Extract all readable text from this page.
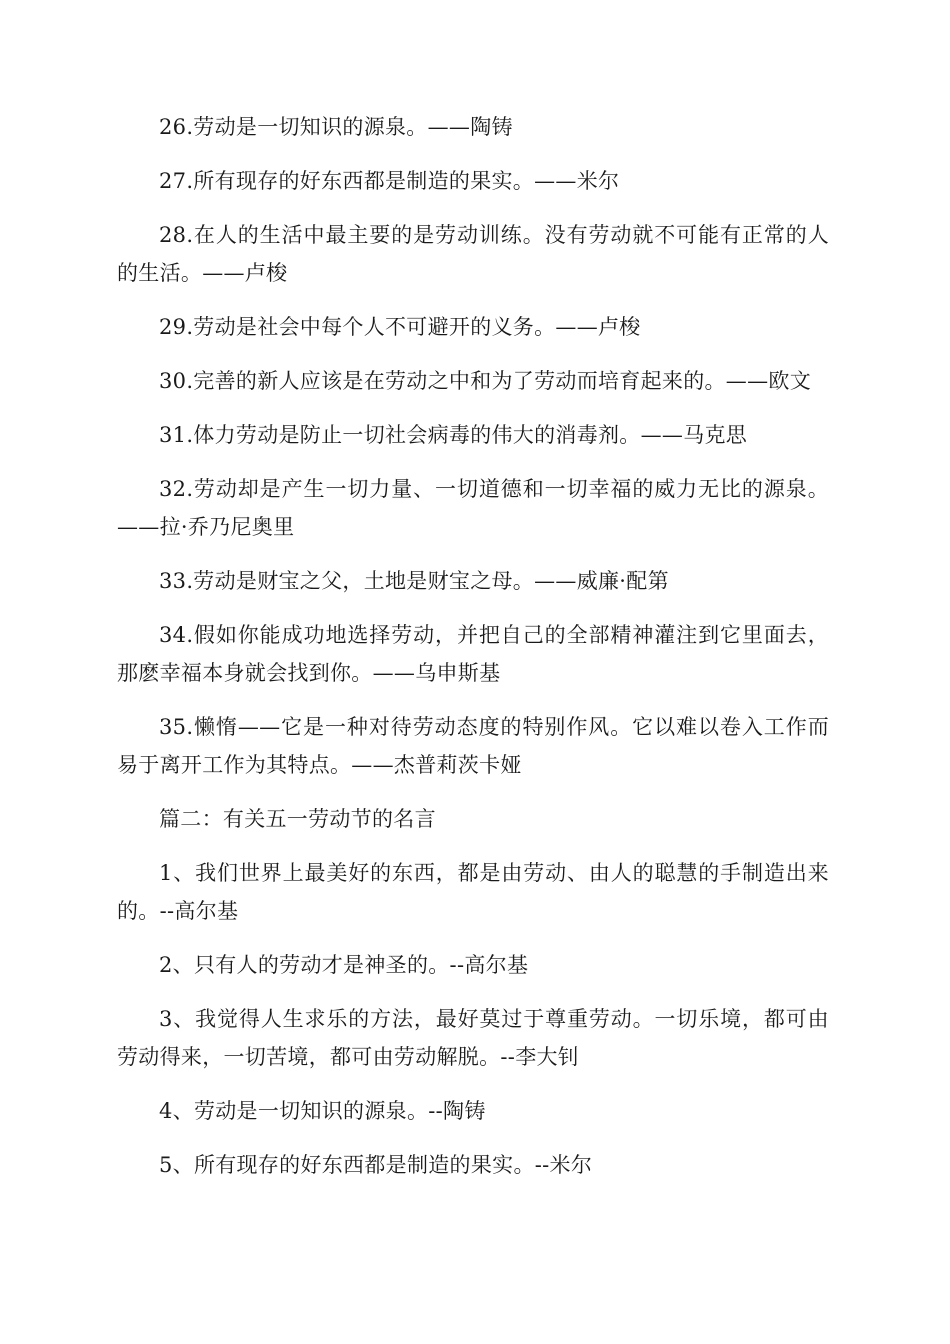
26.劳动是一切知识的源泉。——陶铸

27.所有现存的好东西都是制造的果实。——米尔

28.在人的生活中最主要的是劳动训练。没有劳动就不可能有正常的人的生活。——卢梭

29.劳动是社会中每个人不可避开的义务。——卢梭

30.完善的新人应该是在劳动之中和为了劳动而培育起来的。——欧文

31.体力劳动是防止一切社会病毒的伟大的消毒剂。——马克思

32.劳动却是产生一切力量、一切道德和一切幸福的威力无比的源泉。——拉·乔乃尼奥里

33.劳动是财宝之父，土地是财宝之母。——威廉·配第

34.假如你能成功地选择劳动，并把自己的全部精神灌注到它里面去，那麽幸福本身就会找到你。——乌申斯基

35.懒惰——它是一种对待劳动态度的特别作风。它以难以卷入工作而易于离开工作为其特点。——杰普莉茨卡娅

篇二：有关五一劳动节的名言

1、我们世界上最美好的东西，都是由劳动、由人的聪慧的手制造出来的。--高尔基

2、只有人的劳动才是神圣的。--高尔基

3、我觉得人生求乐的方法，最好莫过于尊重劳动。一切乐境，都可由劳动得来，一切苦境，都可由劳动解脱。--李大钊

4、劳动是一切知识的源泉。--陶铸

5、所有现存的好东西都是制造的果实。--米尔
